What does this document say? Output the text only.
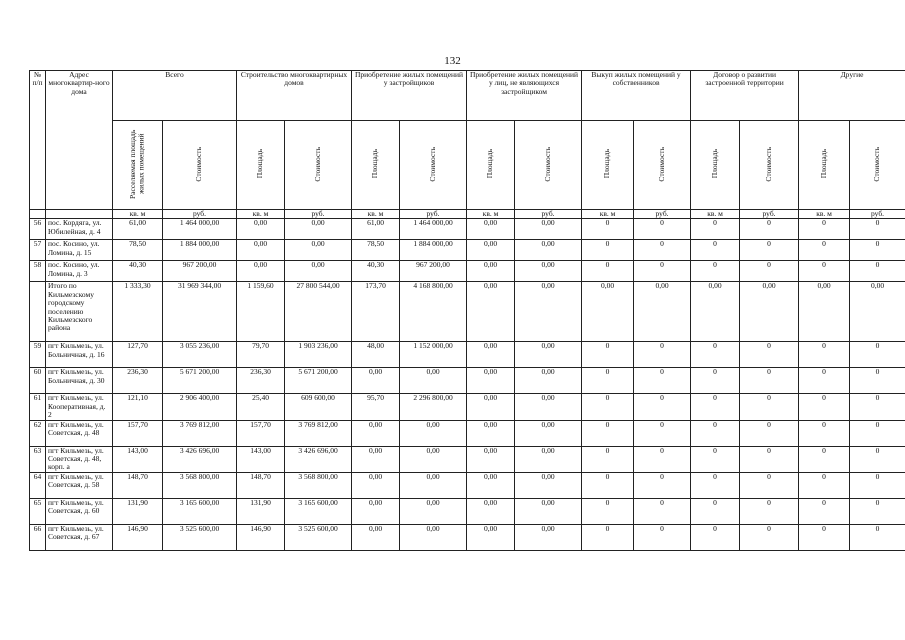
132
№ п/п	Адрес многоквартир-ного дома	Всего		Строительство многоквартирных домов		Приобретение жилых помещений у застройщиков		Приобретение жилых помещений у лиц, не являющихся застройщиком		Выкуп жилых помещений у собственников		Договор о развитии застроенной территории		Другие	
		Расселяемая площадь жилых помещений	Стоимость	Площадь	Стоимость	Площадь	Стоимость	Площадь	Стоимость	Площадь	Стоимость	Площадь	Стоимость	Площадь	Стоимость
		кв. м	руб.	кв. м	руб.	кв. м	руб.	кв. м	руб.	кв. м	руб.	кв. м	руб.	кв. м	руб.
56	пос. Кордяга, ул. Юбилейная, д. 4	61,00	1 464 000,00	0,00	0,00	61,00	1 464 000,00	0,00	0,00	0	0	0	0	0	0
57	пос. Косино, ул. Ломина, д. 15	78,50	1 884 000,00	0,00	0,00	78,50	1 884 000,00	0,00	0,00	0	0	0	0	0	0
58	пос. Косино, ул. Ломина, д. 3	40,30	967 200,00	0,00	0,00	40,30	967 200,00	0,00	0,00	0	0	0	0	0	0
	Итого по Кильмезскому городскому поселению Кильмезского района	1 333,30	31 969 344,00	1 159,60	27 800 544,00	173,70	4 168 800,00	0,00	0,00	0,00	0,00	0,00	0,00	0,00	0,00
59	пгт Кильмезь, ул. Больничная, д. 16	127,70	3 055 236,00	79,70	1 903 236,00	48,00	1 152 000,00	0,00	0,00	0	0	0	0	0	0
60	пгт Кильмезь, ул. Больничная, д. 30	236,30	5 671 200,00	236,30	5 671 200,00	0,00	0,00	0,00	0,00	0	0	0	0	0	0
61	пгт Кильмезь, ул. Кооперативная, д. 2	121,10	2 906 400,00	25,40	609 600,00	95,70	2 296 800,00	0,00	0,00	0	0	0	0	0	0
62	пгт Кильмезь, ул. Советская, д. 48	157,70	3 769 812,00	157,70	3 769 812,00	0,00	0,00	0,00	0,00	0	0	0	0	0	0
63	пгт Кильмезь, ул. Советская, д. 48, корп. а	143,00	3 426 696,00	143,00	3 426 696,00	0,00	0,00	0,00	0,00	0	0	0	0	0	0
64	пгт Кильмезь, ул. Советская, д. 58	148,70	3 568 800,00	148,70	3 568 800,00	0,00	0,00	0,00	0,00	0	0	0	0	0	0
65	пгт Кильмезь, ул. Советская, д. 60	131,90	3 165 600,00	131,90	3 165 600,00	0,00	0,00	0,00	0,00	0	0	0	0	0	0
66	пгт Кильмезь, ул. Советская, д. 67	146,90	3 525 600,00	146,90	3 525 600,00	0,00	0,00	0,00	0,00	0	0	0	0	0	0
